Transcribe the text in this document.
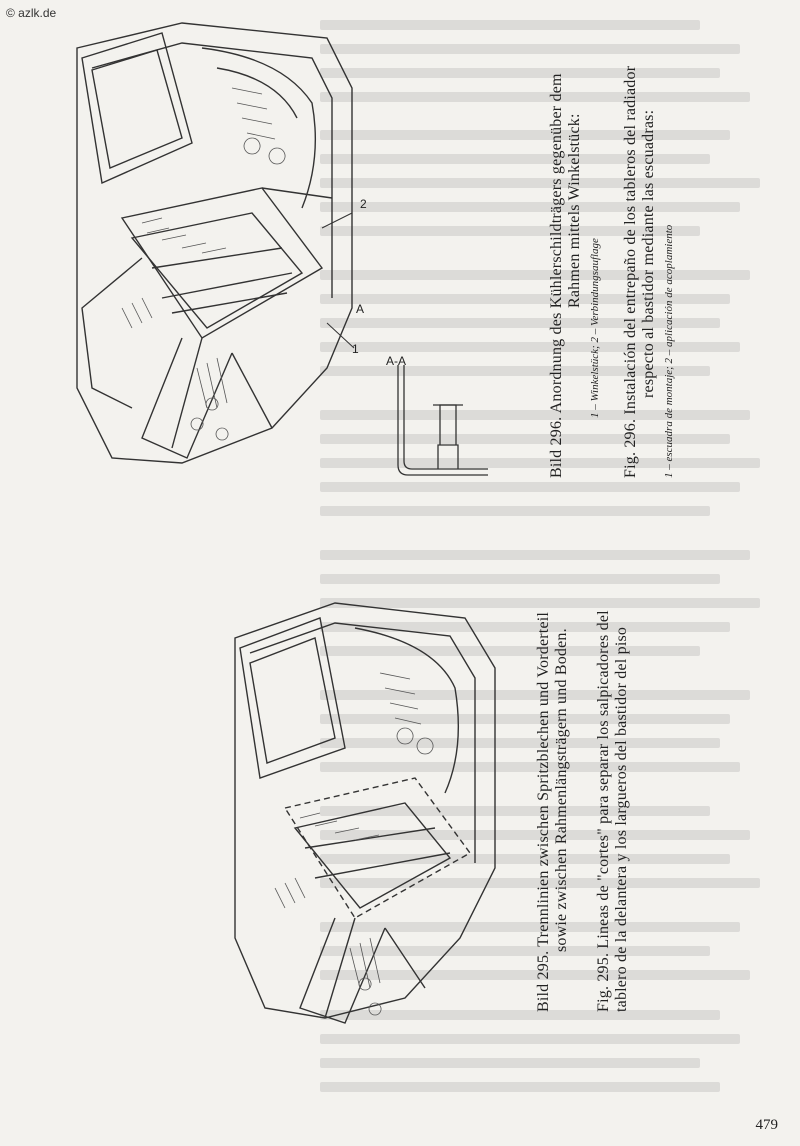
© azlk.de
479
2
1
A
A-A	Bild 296. Anordnung des Kühlerschildträgers gegenüber dem Rahmen mittels Winkelstück:
1 – Winkelstück; 2 – Verbindungsauflage Fig. 296. Instalación del entrepaño de los tableros del radiador respecto al bastidor mediante las escuadras: 1 – escuadra de montaje; 2 – aplicación de acoplamiento
Bild 295. Trennlinien zwischen Spritzblechen und Vorderteil sowie zwischen Rahmenlängsträgern und Boden. Fig. 295. Lineas de "cortes" para separar los salpicadores del tablero de la delantera y los largueros del bastidor del piso
